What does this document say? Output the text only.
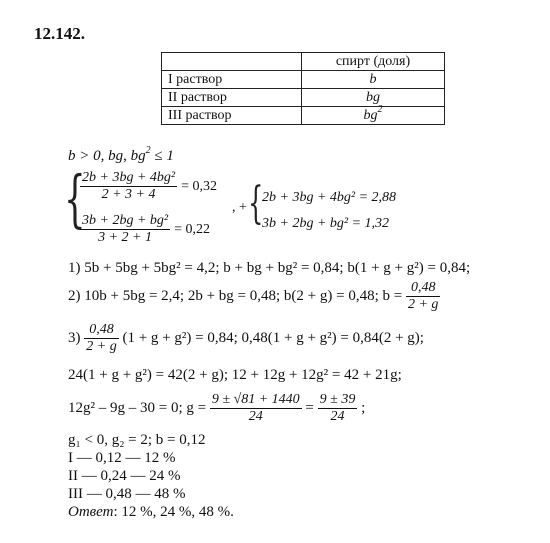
12.142.
	спирт (доля)
I раствор	b
II раствор	bg
III раствор	$bg^2$
b > 0, bg, $bg^2 \le 1$
{
$\frac{\text{2b + 3bg + 4bg²}}{2 + 3 + 4} = 0,32$
$\frac{\text{3b + 2bg + bg²}}{3 + 2 + 1} = 0,22$
, + {
2b + 3bg + 4bg² = 2,88
3b + 2bg + bg² = 1,32
1) 5b + 5bg + 5bg² = 4,2; b + bg + bg² = 0,84; b(1 + g + g²) = 0,84;
2) 10b + 5bg = 2,4; 2b + bg = 0,48; b(2 + g) = 0,48; $b = \frac{0,48}{2 + g}$
$3) \frac{0,48}{2 + g} (1 + g + g^2) = 0,84$; 0,48(1 + g + g²) = 0,84(2 + g);
24(1 + g + g²) = 42(2 + g); 12 + 12g + 12g² = 42 + 21g;
12g² – 9g – 30 = 0; $g = \frac{9 \pm √81 + 1440}{24} = \frac{9 \pm 39}{24}$ ;
g₁ < 0, g₂ = 2; b = 0,12
I — 0,12 — 12 %
II — 0,24 — 24 %
III — 0,48 — 48 %
Ответ: 12 %, 24 %, 48 %.
